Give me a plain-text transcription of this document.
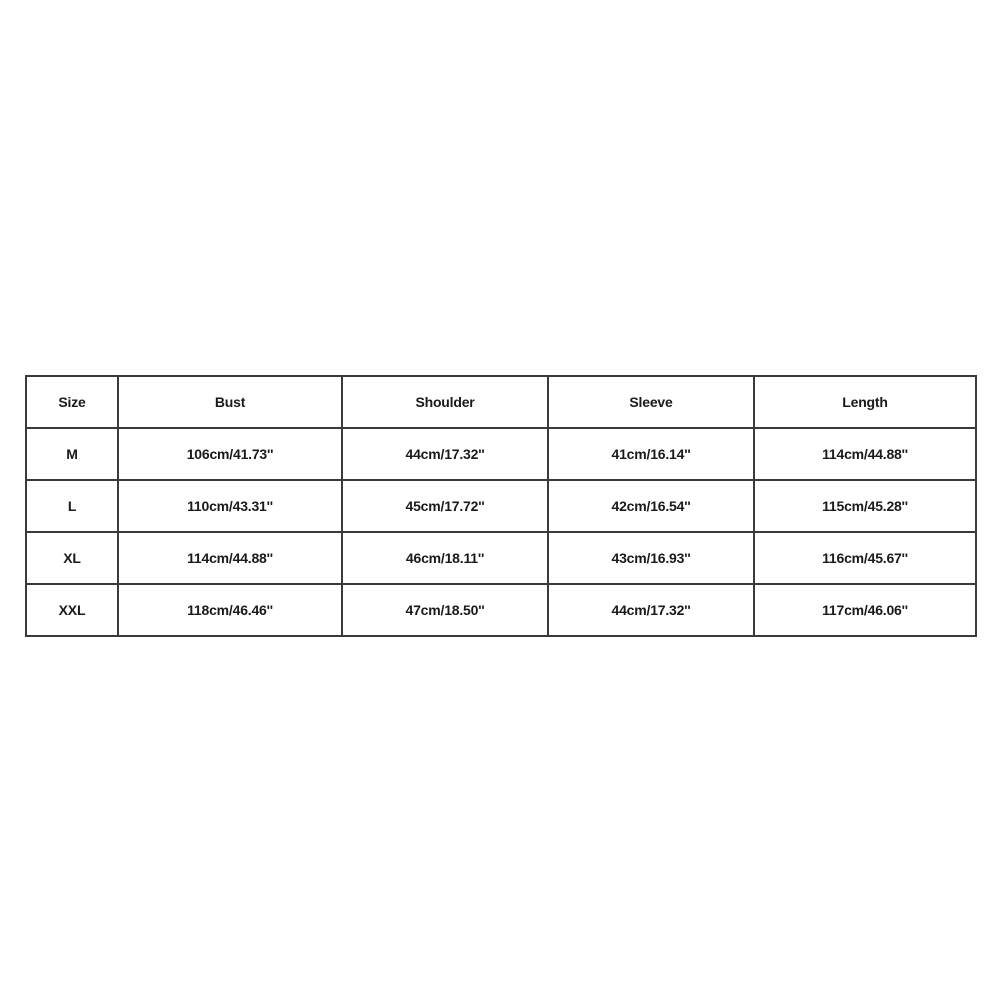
Size	Bust	Shoulder	Sleeve	Length
M	106cm/41.73''	44cm/17.32''	41cm/16.14''	114cm/44.88''
L	110cm/43.31''	45cm/17.72''	42cm/16.54''	115cm/45.28''
XL	114cm/44.88''	46cm/18.11''	43cm/16.93''	116cm/45.67''
XXL	118cm/46.46''	47cm/18.50''	44cm/17.32''	117cm/46.06''
